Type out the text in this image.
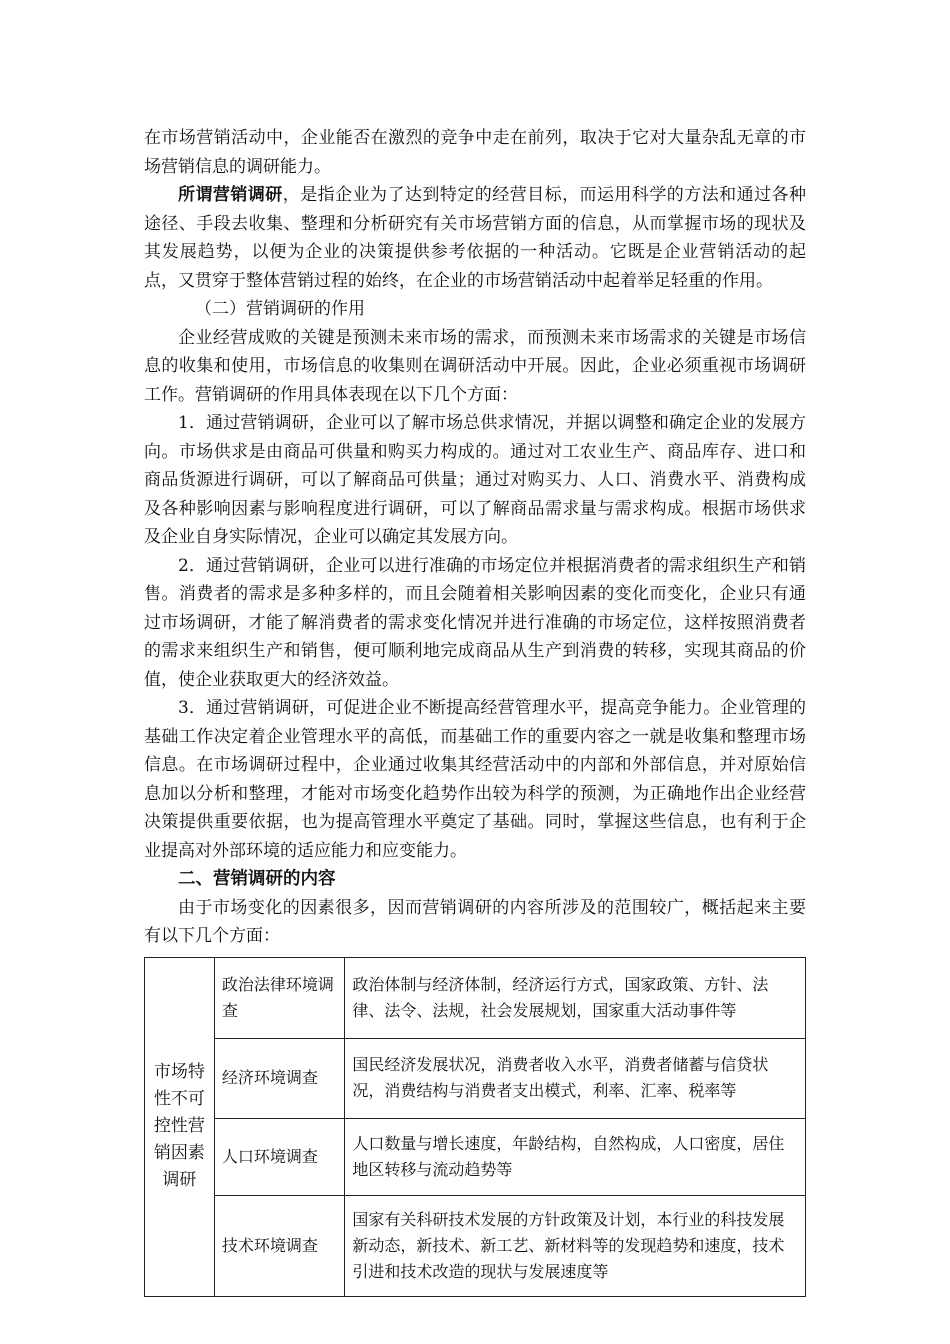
在市场营销活动中，企业能否在激烈的竞争中走在前列，取决于它对大量杂乱无章的市场营销信息的调研能力。

所谓营销调研，是指企业为了达到特定的经营目标，而运用科学的方法和通过各种途径、手段去收集、整理和分析研究有关市场营销方面的信息，从而掌握市场的现状及其发展趋势，以便为企业的决策提供参考依据的一种活动。它既是企业营销活动的起点，又贯穿于整体营销过程的始终，在企业的市场营销活动中起着举足轻重的作用。

（二）营销调研的作用

企业经营成败的关键是预测未来市场的需求，而预测未来市场需求的关键是市场信息的收集和使用，市场信息的收集则在调研活动中开展。因此，企业必须重视市场调研工作。营销调研的作用具体表现在以下几个方面：

1．通过营销调研，企业可以了解市场总供求情况，并据以调整和确定企业的发展方向。市场供求是由商品可供量和购买力构成的。通过对工农业生产、商品库存、进口和商品货源进行调研，可以了解商品可供量；通过对购买力、人口、消费水平、消费构成及各种影响因素与影响程度进行调研，可以了解商品需求量与需求构成。根据市场供求及企业自身实际情况，企业可以确定其发展方向。

2．通过营销调研，企业可以进行准确的市场定位并根据消费者的需求组织生产和销售。消费者的需求是多种多样的，而且会随着相关影响因素的变化而变化，企业只有通过市场调研，才能了解消费者的需求变化情况并进行准确的市场定位，这样按照消费者的需求来组织生产和销售，便可顺利地完成商品从生产到消费的转移，实现其商品的价值，使企业获取更大的经济效益。

3．通过营销调研，可促进企业不断提高经营管理水平，提高竞争能力。企业管理的基础工作决定着企业管理水平的高低，而基础工作的重要内容之一就是收集和整理市场信息。在市场调研过程中，企业通过收集其经营活动中的内部和外部信息，并对原始信息加以分析和整理，才能对市场变化趋势作出较为科学的预测，为正确地作出企业经营决策提供重要依据，也为提高管理水平奠定了基础。同时，掌握这些信息，也有利于企业提高对外部环境的适应能力和应变能力。

二、营销调研的内容

由于市场变化的因素很多，因而营销调研的内容所涉及的范围较广，概括起来主要有以下几个方面：

市场特性不可控性营销因素调研	政治法律环境调查	政治体制与经济体制，经济运行方式，国家政策、方针、法律、法令、法规，社会发展规划，国家重大活动事件等
	经济环境调查	国民经济发展状况，消费者收入水平，消费者储蓄与信贷状况，消费结构与消费者支出模式，利率、汇率、税率等
	人口环境调查	人口数量与增长速度，年龄结构，自然构成，人口密度，居住地区转移与流动趋势等
	技术环境调查	国家有关科研技术发展的方针政策及计划，本行业的科技发展新动态，新技术、新工艺、新材料等的发现趋势和速度，技术引进和技术改造的现状与发展速度等
